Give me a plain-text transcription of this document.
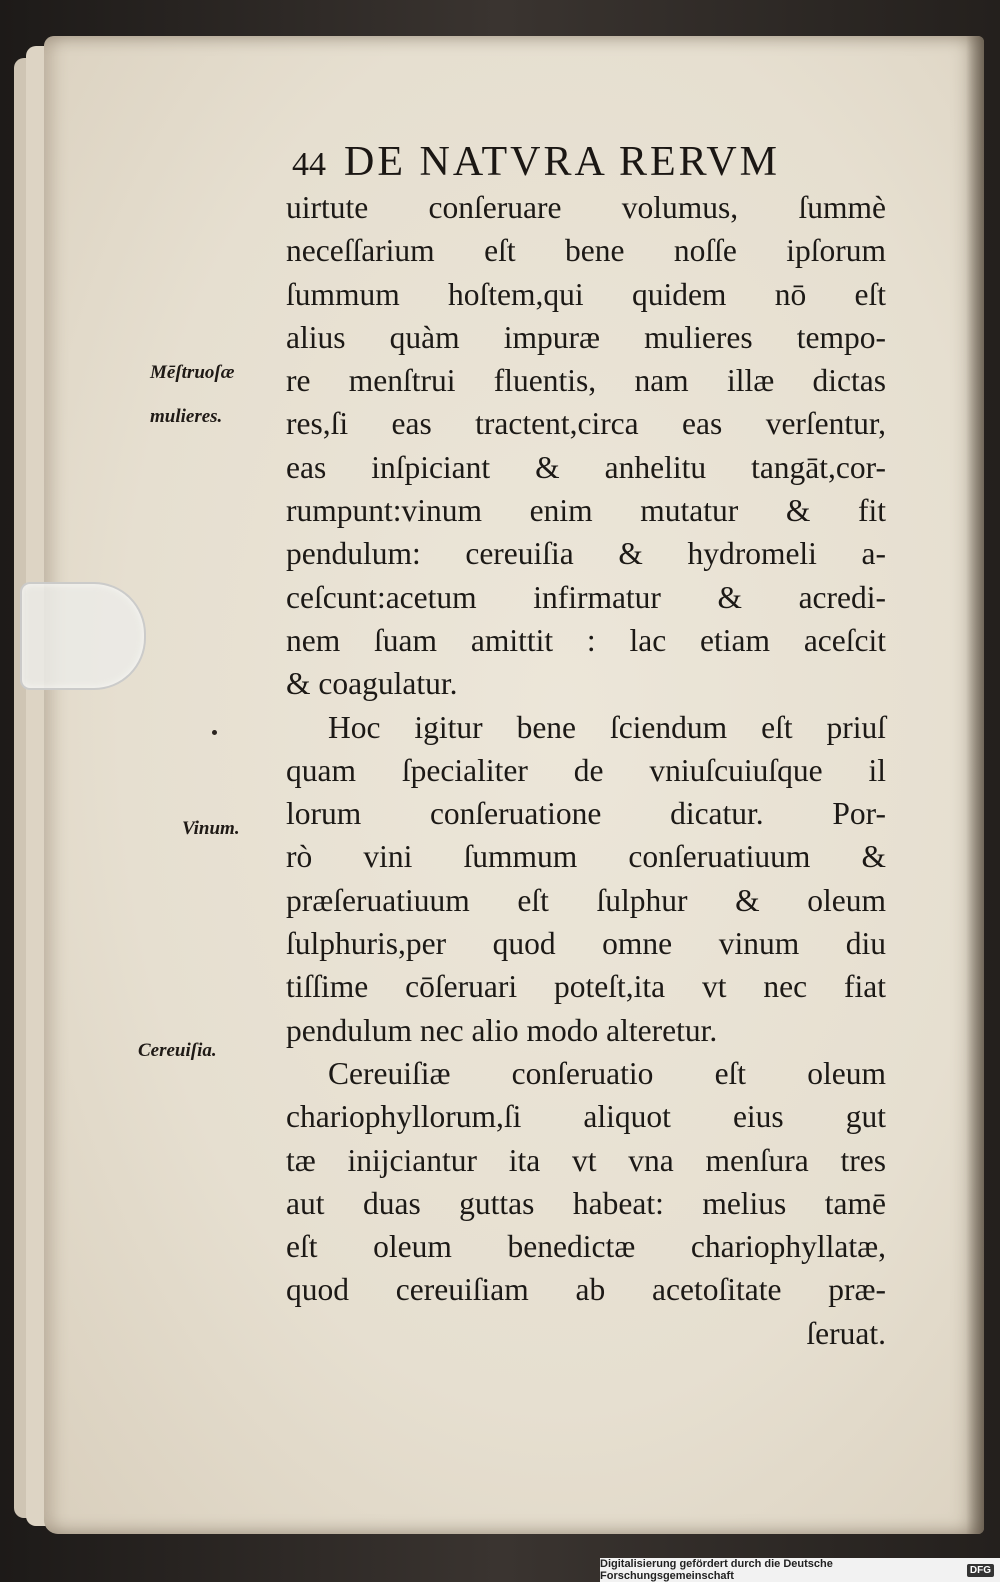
44 DE NATVRA RERVM
Mēſtruoſæ
mulieres.
Vinum.
Cereuiſia.
uirtute conſeruare volumus, ſummè
neceſſarium eſt bene noſſe ipſorum
ſummum hoſtem,qui quidem nō eſt
alius quàm impuræ mulieres tempo-
re menſtrui fluentis, nam illæ dictas
res,ſi eas tractent,circa eas verſentur,
eas inſpiciant & anhelitu tangāt,cor-
rumpunt:vinum enim mutatur & fit
pendulum: cereuiſia & hydromeli a-
ceſcunt:acetum infirmatur & acredi-
nem ſuam amittit : lac etiam aceſcit
& coagulatur.
Hoc igitur bene ſciendum eſt priuſ
quam ſpecialiter de vniuſcuiuſque il
lorum conſeruatione dicatur. Por-
rò vini ſummum conſeruatiuum &
præſeruatiuum eſt ſulphur & oleum
ſulphuris,per quod omne vinum diu
tiſſime cōſeruari poteſt,ita vt nec fiat
pendulum nec alio modo alteretur.
Cereuiſiæ conſeruatio eſt oleum
chariophyllorum,ſi aliquot eius gut
tæ inijciantur ita vt vna menſura tres
aut duas guttas habeat: melius tamē
eſt oleum benedictæ chariophyllatæ,
quod cereuiſiam ab acetoſitate præ-
ſeruat.
Digitalisierung gefördert durch die Deutsche Forschungsgemeinschaft	DFG
